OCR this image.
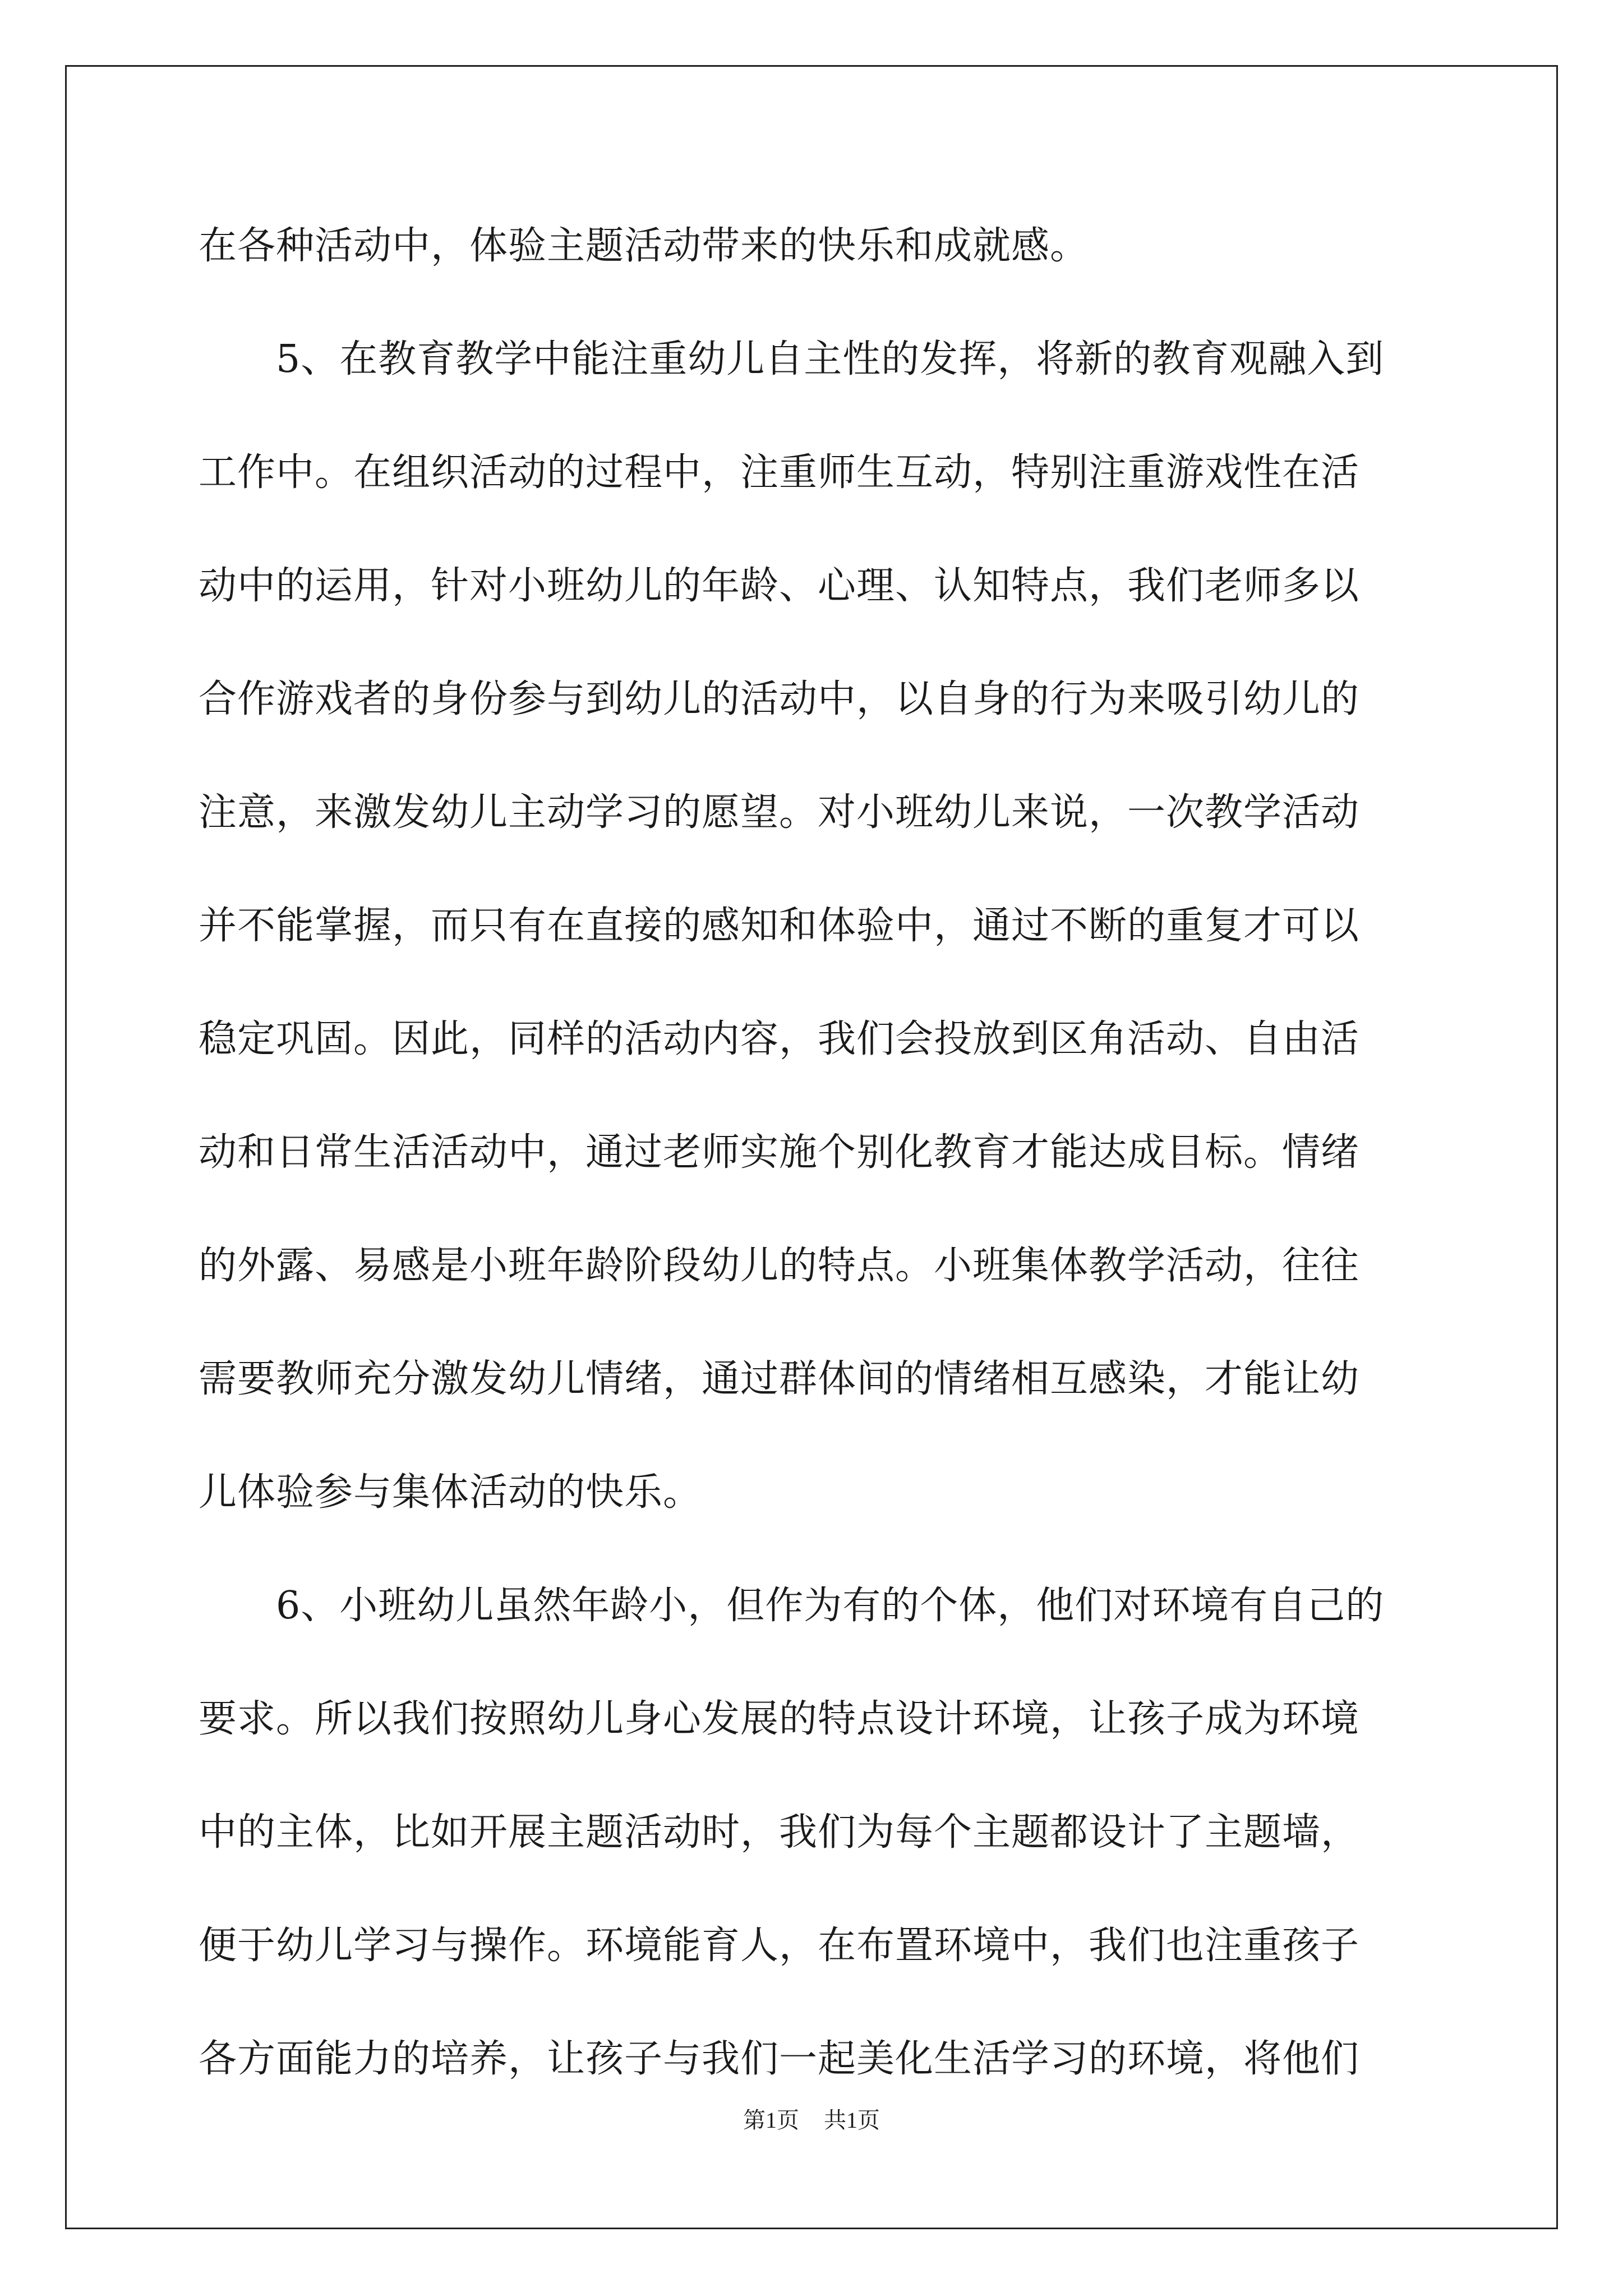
在各种活动中，体验主题活动带来的快乐和成就感。
　　5、在教育教学中能注重幼儿自主性的发挥，将新的教育观融入到
工作中。在组织活动的过程中，注重师生互动，特别注重游戏性在活
动中的运用，针对小班幼儿的年龄、心理、认知特点，我们老师多以
合作游戏者的身份参与到幼儿的活动中，以自身的行为来吸引幼儿的
注意，来激发幼儿主动学习的愿望。对小班幼儿来说，一次教学活动
并不能掌握，而只有在直接的感知和体验中，通过不断的重复才可以
稳定巩固。因此，同样的活动内容，我们会投放到区角活动、自由活
动和日常生活活动中，通过老师实施个别化教育才能达成目标。情绪
的外露、易感是小班年龄阶段幼儿的特点。小班集体教学活动，往往
需要教师充分激发幼儿情绪，通过群体间的情绪相互感染，才能让幼
儿体验参与集体活动的快乐。
　　6、小班幼儿虽然年龄小，但作为有的个体，他们对环境有自己的
要求。所以我们按照幼儿身心发展的特点设计环境，让孩子成为环境
中的主体，比如开展主题活动时，我们为每个主题都设计了主题墙，
便于幼儿学习与操作。环境能育人，在布置环境中，我们也注重孩子
各方面能力的培养，让孩子与我们一起美化生活学习的环境，将他们
第1页 共1页
